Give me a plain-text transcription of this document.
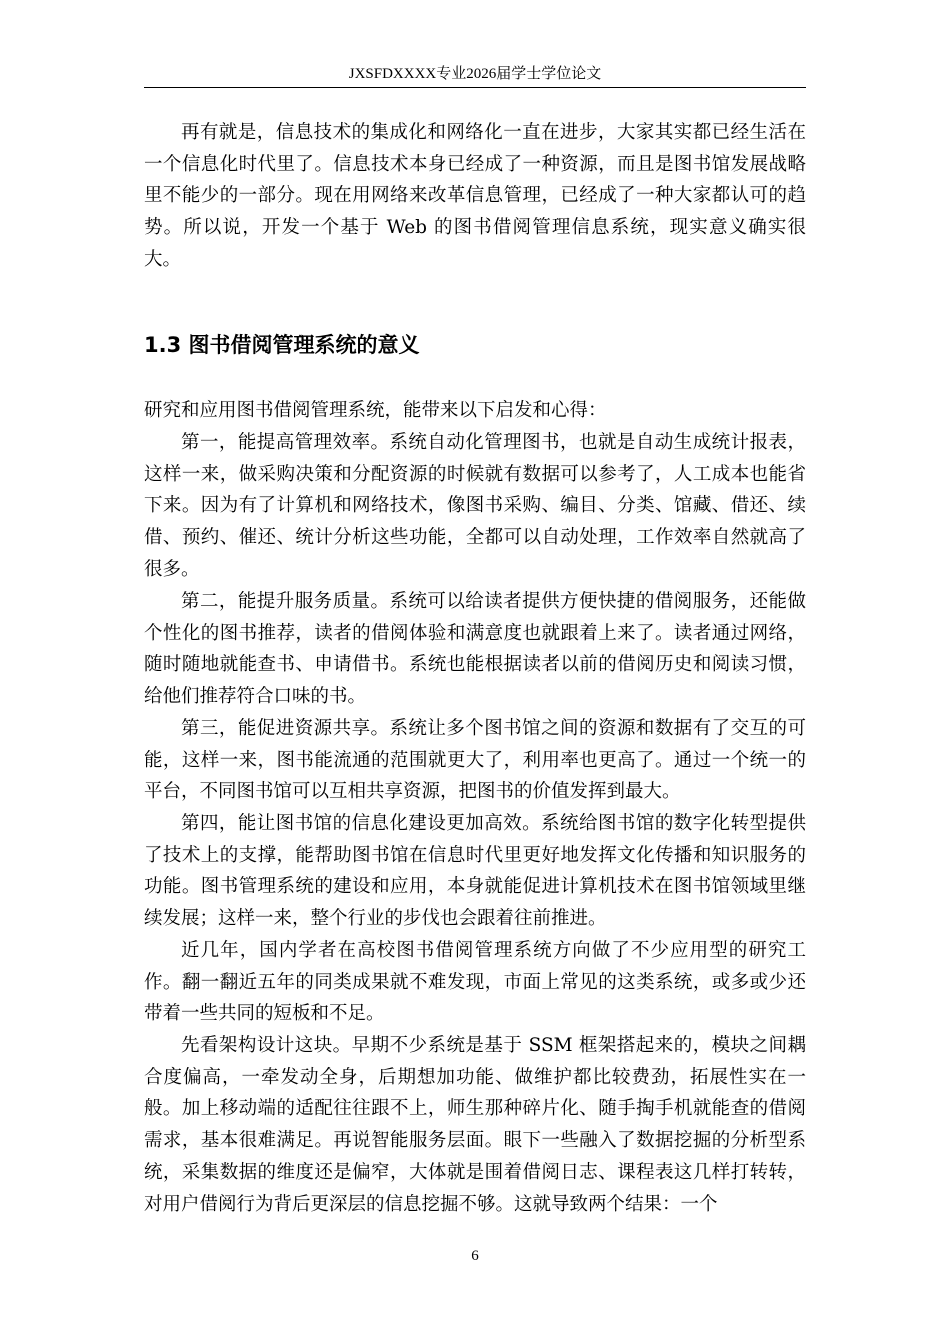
JXSFDXXXX专业2026届学士学位论文

再有就是，信息技术的集成化和网络化一直在进步，大家其实都已经生活在一个信息化时代里了。信息技术本身已经成了一种资源，而且是图书馆发展战略里不能少的一部分。现在用网络来改革信息管理，已经成了一种大家都认可的趋势。所以说，开发一个基于 Web 的图书借阅管理信息系统，现实意义确实很大。

1.3 图书借阅管理系统的意义

研究和应用图书借阅管理系统，能带来以下启发和心得：

第一，能提高管理效率。系统自动化管理图书，也就是自动生成统计报表，这样一来，做采购决策和分配资源的时候就有数据可以参考了，人工成本也能省下来。因为有了计算机和网络技术，像图书采购、编目、分类、馆藏、借还、续借、预约、催还、统计分析这些功能，全都可以自动处理，工作效率自然就高了很多。

第二，能提升服务质量。系统可以给读者提供方便快捷的借阅服务，还能做个性化的图书推荐，读者的借阅体验和满意度也就跟着上来了。读者通过网络，随时随地就能查书、申请借书。系统也能根据读者以前的借阅历史和阅读习惯，给他们推荐符合口味的书。

第三，能促进资源共享。系统让多个图书馆之间的资源和数据有了交互的可能，这样一来，图书能流通的范围就更大了，利用率也更高了。通过一个统一的平台，不同图书馆可以互相共享资源，把图书的价值发挥到最大。

第四，能让图书馆的信息化建设更加高效。系统给图书馆的数字化转型提供了技术上的支撑，能帮助图书馆在信息时代里更好地发挥文化传播和知识服务的功能。图书管理系统的建设和应用，本身就能促进计算机技术在图书馆领域里继续发展；这样一来，整个行业的步伐也会跟着往前推进。

近几年，国内学者在高校图书借阅管理系统方向做了不少应用型的研究工作。翻一翻近五年的同类成果就不难发现，市面上常见的这类系统，或多或少还带着一些共同的短板和不足。

先看架构设计这块。早期不少系统是基于 SSM 框架搭起来的，模块之间耦合度偏高，一牵发动全身，后期想加功能、做维护都比较费劲，拓展性实在一般。加上移动端的适配往往跟不上，师生那种碎片化、随手掏手机就能查的借阅需求，基本很难满足。再说智能服务层面。眼下一些融入了数据挖掘的分析型系统，采集数据的维度还是偏窄，大体就是围着借阅日志、课程表这几样打转转，对用户借阅行为背后更深层的信息挖掘不够。这就导致两个结果：一个

6
